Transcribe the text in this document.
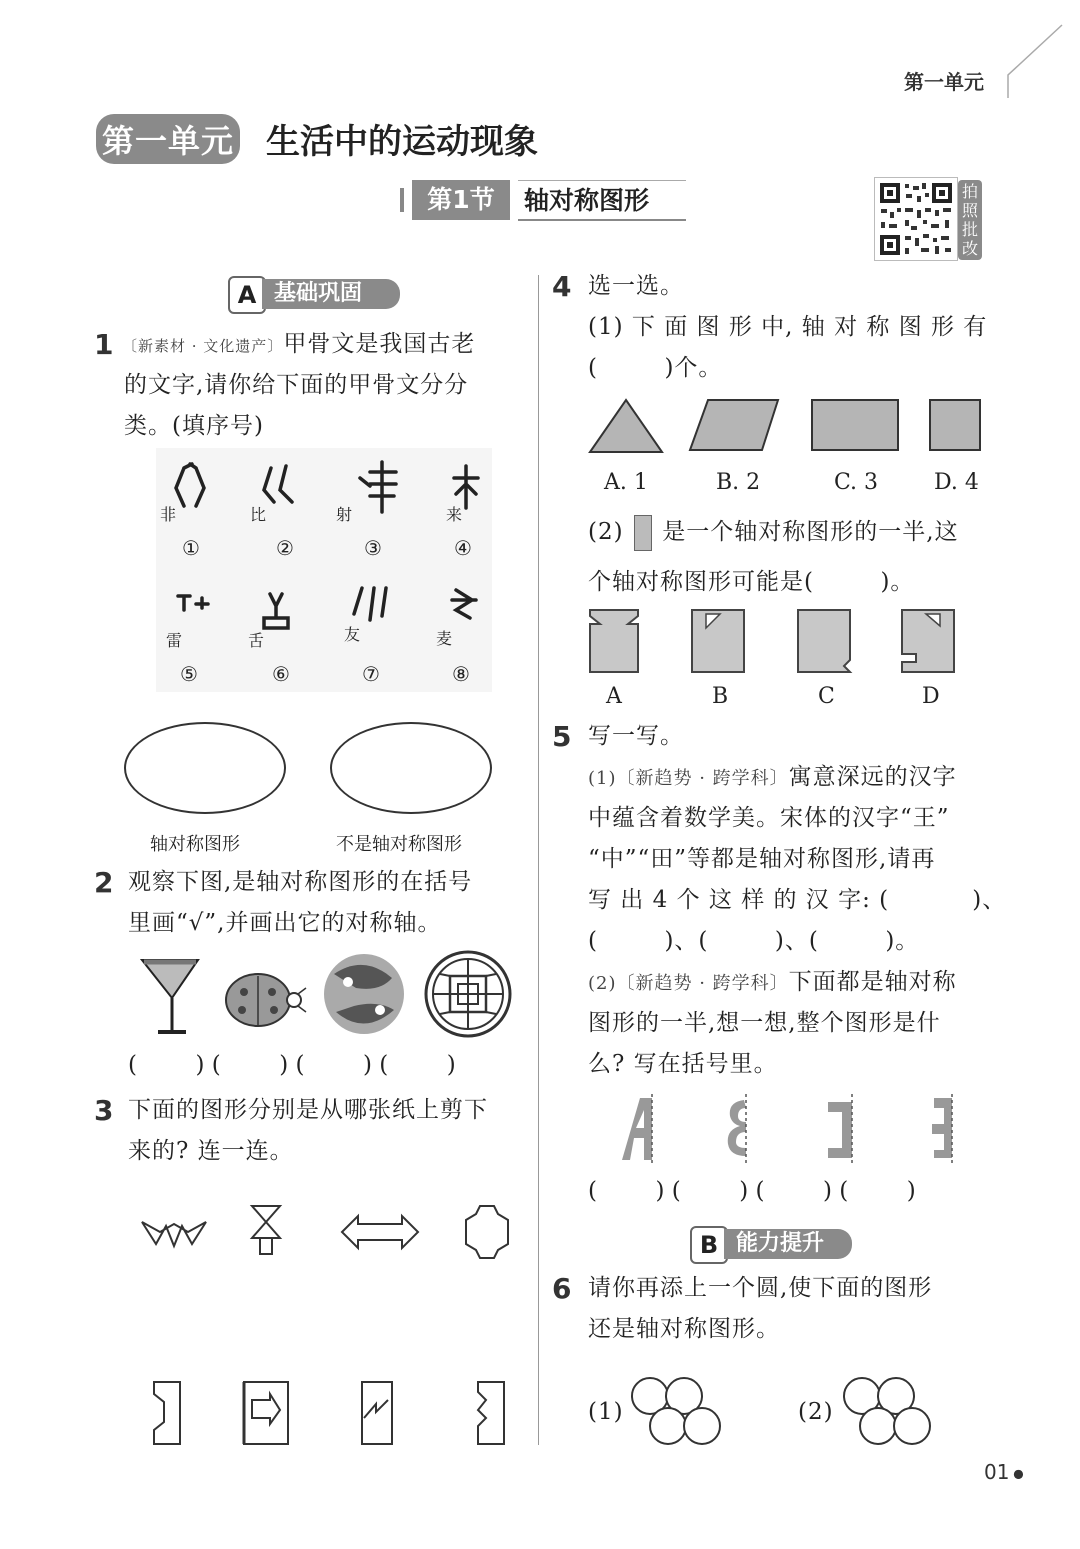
第一单元
第一单元 生活中的运动现象
第1节	轴对称图形	拍照批改
A 基础巩固
1 〔新素材 · 文化遗产〕甲骨文是我国古老
的文字,请你给下面的甲骨文分分
类。(填序号)
非	比	射	来
①	②	③	④
雷	舌	友	麦
⑤	⑥	⑦	⑧
轴对称图形	不是轴对称图形
2 观察下图,是轴对称图形的在括号
里画“√”,并画出它的对称轴。
(        ) (        ) (        ) (        )
3 下面的图形分别是从哪张纸上剪下
来的? 连一连。
4 选一选。
(1) 下 面 图 形 中, 轴 对 称 图 形 有
(        )个。
A. 1	B. 2	C. 3	D. 4
(2) 是一个轴对称图形的一半,这
个轴对称图形可能是(        )。
A	B	C	D
5 写一写。
(1)〔新趋势 · 跨学科〕寓意深远的汉字
中蕴含着数学美。宋体的汉字“王”
“中”“田”等都是轴对称图形,请再
写 出 4 个 这 样 的 汉 字: (          )、
(        )、(        )、(        )。
(2)〔新趋势 · 跨学科〕下面都是轴对称
图形的一半,想一想,整个图形是什
么? 写在括号里。
(        ) (        ) (        ) (        )
B 能力提升
6 请你再添上一个圆,使下面的图形
还是轴对称图形。
(1)	(2)
01 ●
